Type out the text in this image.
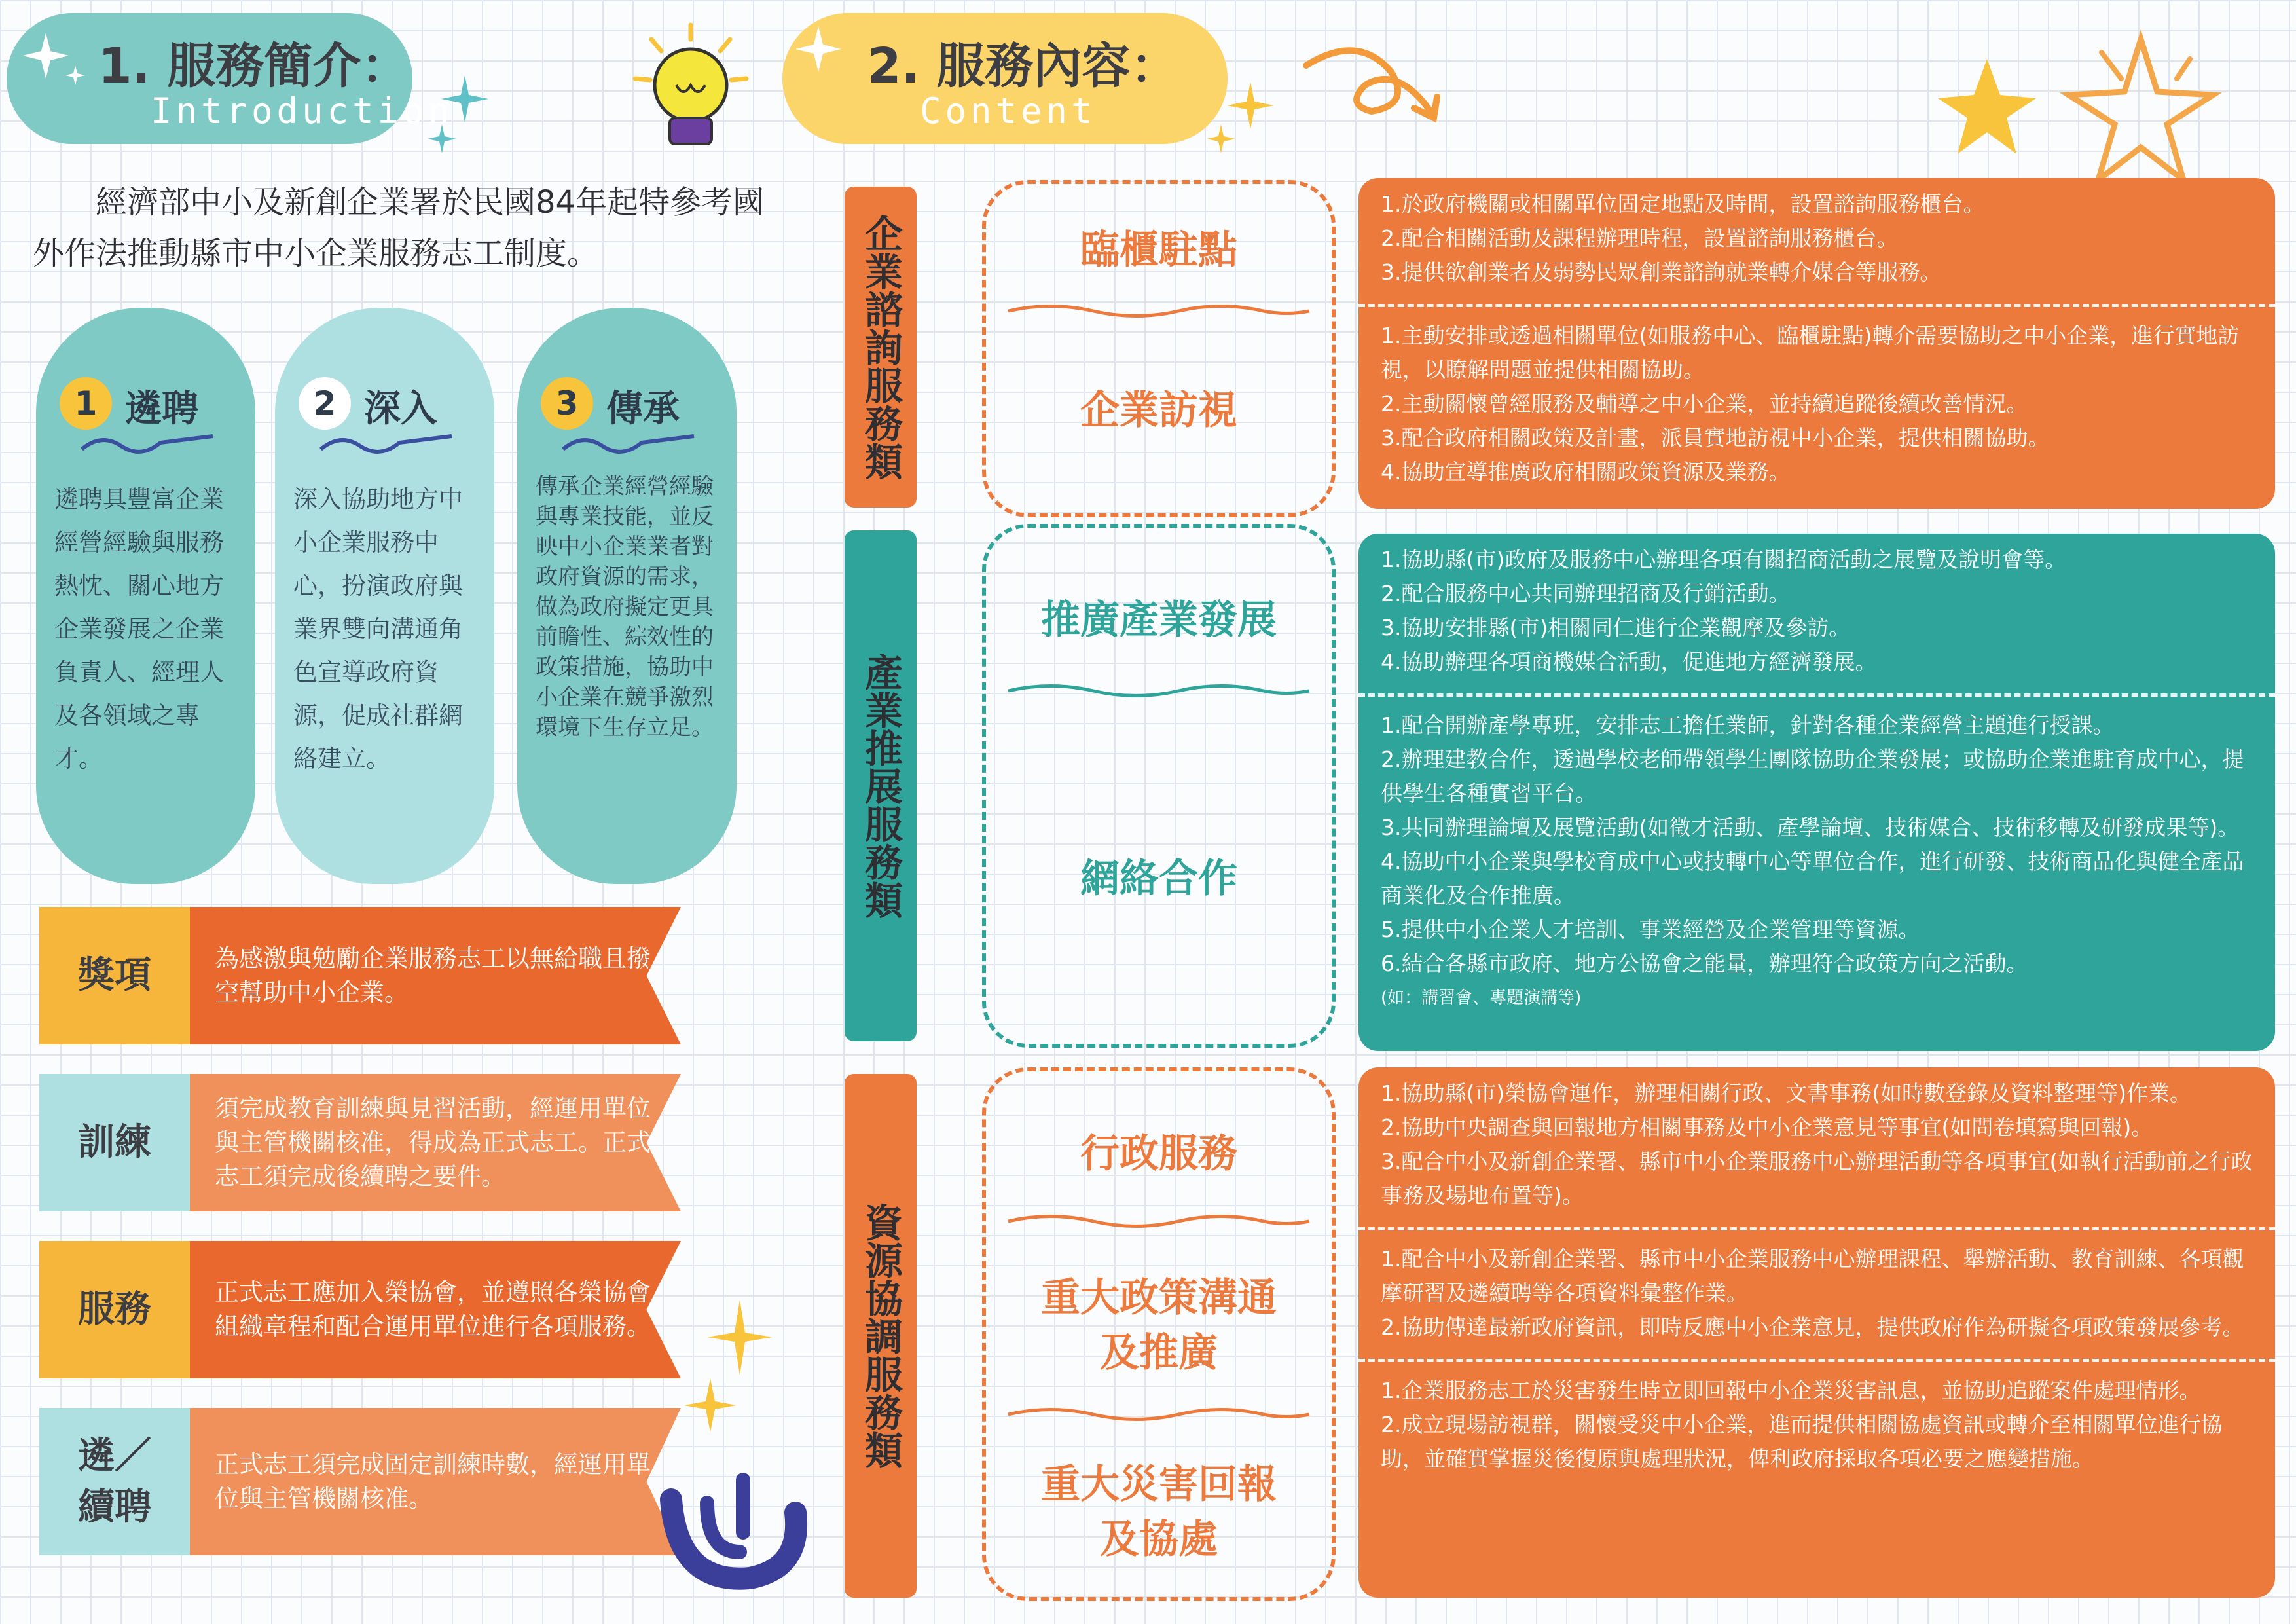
1. 服務簡介：
Introduction
2. 服務內容：
Content
經濟部中小及新創企業署於民國84年起特參考國外作法推動縣市中小企業服務志工制度。
1 遴聘
遴聘具豐富企業經營經驗與服務熱忱、關心地方企業發展之企業負責人、經理人及各領域之專才。
2 深入
深入協助地方中小企業服務中心，扮演政府與業界雙向溝通角色宣導政府資源，促成社群網絡建立。
3 傳承
傳承企業經營經驗與專業技能，並反映中小企業業者對政府資源的需求，做為政府擬定更具前瞻性、綜效性的政策措施，協助中小企業在競爭激烈環境下生存立足。
獎項	為感激與勉勵企業服務志工以無給職且撥空幫助中小企業。
訓練
須完成教育訓練與見習活動，經運用單位與主管機關核准，得成為正式志工。正式志工須完成後續聘之要件。
服務	正式志工應加入榮協會，並遵照各榮協會組織章程和配合運用單位進行各項服務。
遴／續聘
正式志工須完成固定訓練時數，經運用單位與主管機關核准。
企業諮詢服務類	臨櫃駐點
企業訪視
1.於政府機關或相關單位固定地點及時間，設置諮詢服務櫃台。
2.配合相關活動及課程辦理時程，設置諮詢服務櫃台。
3.提供欲創業者及弱勢民眾創業諮詢就業轉介媒合等服務。
1.主動安排或透過相關單位(如服務中心、臨櫃駐點)轉介需要協助之中小企業，進行實地訪視，以瞭解問題並提供相關協助。
2.主動關懷曾經服務及輔導之中小企業，並持續追蹤後續改善情況。
3.配合政府相關政策及計畫，派員實地訪視中小企業，提供相關協助。
4.協助宣導推廣政府相關政策資源及業務。
產業推展服務類
推廣產業發展
網絡合作
1.協助縣(市)政府及服務中心辦理各項有關招商活動之展覽及說明會等。
2.配合服務中心共同辦理招商及行銷活動。
3.協助安排縣(市)相關同仁進行企業觀摩及參訪。
4.協助辦理各項商機媒合活動，促進地方經濟發展。
1.配合開辦產學專班，安排志工擔任業師，針對各種企業經營主題進行授課。
2.辦理建教合作，透過學校老師帶領學生團隊協助企業發展；或協助企業進駐育成中心，提供學生各種實習平台。
3.共同辦理論壇及展覽活動(如徵才活動、產學論壇、技術媒合、技術移轉及研發成果等)。
4.協助中小企業與學校育成中心或技轉中心等單位合作，進行研發、技術商品化與健全產品商業化及合作推廣。
5.提供中小企業人才培訓、事業經營及企業管理等資源。
6.結合各縣市政府、地方公協會之能量，辦理符合政策方向之活動。
(如：講習會、專題演講等)
資源協調服務類
行政服務
重大政策溝通及推廣
重大災害回報及協處
1.協助縣(市)榮協會運作，辦理相關行政、文書事務(如時數登錄及資料整理等)作業。
2.協助中央調查與回報地方相關事務及中小企業意見等事宜(如問卷填寫與回報)。
3.配合中小及新創企業署、縣市中小企業服務中心辦理活動等各項事宜(如執行活動前之行政事務及場地布置等)。
1.配合中小及新創企業署、縣市中小企業服務中心辦理課程、舉辦活動、教育訓練、各項觀摩研習及遴續聘等各項資料彙整作業。
2.協助傳達最新政府資訊，即時反應中小企業意見，提供政府作為研擬各項政策發展參考。
1.企業服務志工於災害發生時立即回報中小企業災害訊息，並協助追蹤案件處理情形。
2.成立現場訪視群，關懷受災中小企業，進而提供相關協處資訊或轉介至相關單位進行協助，並確實掌握災後復原與處理狀況，俾利政府採取各項必要之應變措施。
